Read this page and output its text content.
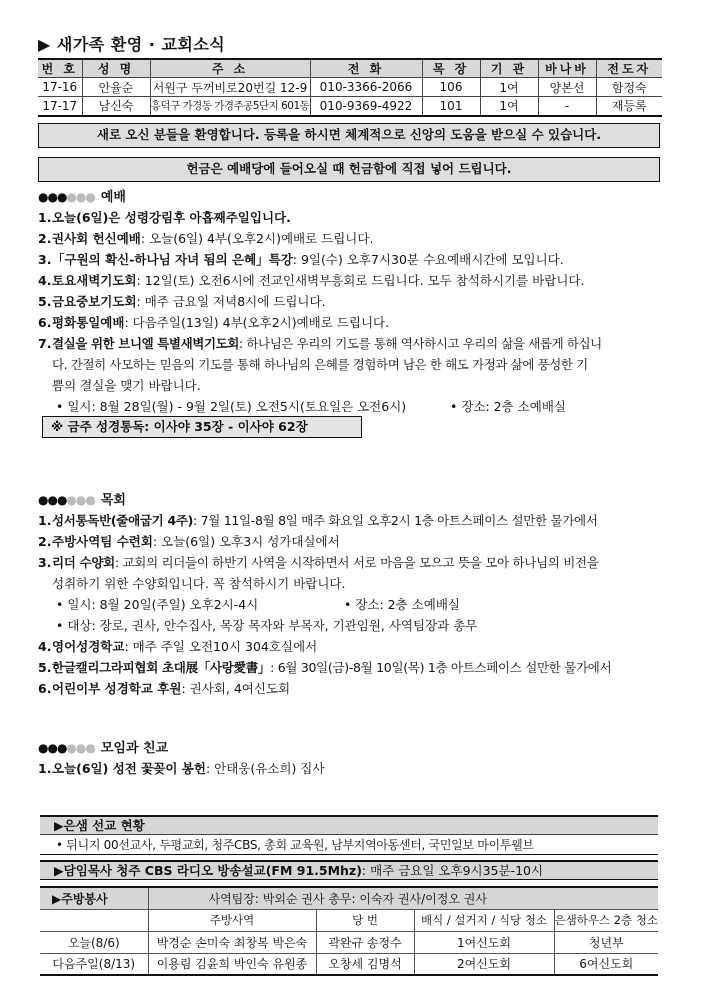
▶ 새가족 환영 · 교회소식
번 호	성 명	주 소	전 화	목 장	기 관	바나바	전도자
17-16	안율순	서원구 두꺼비로20번길 12-9	010-3366-2066	106	1여	양본선	함정숙
17-17	남신숙	흥덕구 가경동 가경주공5단지 601동	010-9369-4922	101	1여	-	재등록
새로 오신 분들을 환영합니다. 등록을 하시면 체계적으로 신앙의 도움을 받으실 수 있습니다.
헌금은 예배당에 들어오실 때 헌금함에 직접 넣어 드립니다.
●●●●●● 예배
1. 오늘(6일)은 성령강림후 아홉째주일입니다.
2. 권사회 헌신예배: 오늘(6일) 4부(오후2시)예배로 드립니다.
3. 「구원의 확신-하나님 자녀 됨의 은혜」특강: 9일(수) 오후7시30분 수요예배시간에 모입니다.
4. 토요새벽기도회: 12일(토) 오전6시에 전교인새벽부흥회로 드립니다. 모두 참석하시기를 바랍니다.
5. 금요중보기도회: 매주 금요일 저녁8시에 드립니다.
6. 평화통일예배: 다음주일(13일) 4부(오후2시)예배로 드립니다.
7. 결실을 위한 브니엘 특별새벽기도회: 하나님은 우리의 기도를 통해 역사하시고 우리의 삶을 새롭게 하십니
다. 간절히 사모하는 믿음의 기도를 통해 하나님의 은혜를 경험하며 남은 한 해도 가정과 삶에 풍성한 기
쁨의 결실을 맺기 바랍니다.
• 일시: 8월 28일(월) - 9월 2일(토) 오전5시(토요일은 오전6시)	• 장소: 2층 소예배실
※ 금주 성경통독: 이사야 35장 - 이사야 62장
●●●●●● 목회
1. 성서통독반(줄애굽기 4주): 7월 11일-8월 8일 매주 화요일 오후2시 1층 아트스페이스 설만한 물가에서
2. 주방사역팀 수련회: 오늘(6일) 오후3시 성가대실에서
3. 리더 수양회: 교회의 리더들이 하반기 사역을 시작하면서 서로 마음을 모으고 뜻을 모아 하나님의 비전을
성취하기 위한 수양회입니다. 꼭 참석하시기 바랍니다.
• 일시: 8월 20일(주일) 오후2시-4시	• 장소: 2층 소예배실
• 대상: 장로, 권사, 안수집사, 목장 목자와 부목자, 기관임원, 사역팀장과 총무
4. 영어성경학교: 매주 주일 오전10시 304호실에서
5. 한글캘리그라피협회 초대展「사랑愛書」: 6월 30일(금)-8월 10일(목) 1층 아트스페이스 설만한 물가에서
6. 어린이부 성경학교 후원: 권사회, 4여신도회
●●●●●● 모임과 친교
1. 오늘(6일) 성전 꽃꽂이 봉헌: 안태웅(유소희) 집사
▶은샘 선교 현황
• 뒤니지 00선교사, 두평교회, 청주CBS, 총회 교육원, 남부지역아동센터, 국민일보 마이투웰브
▶담임목사 청주 CBS 라디오 방송설교(FM 91.5Mhz): 매주 금요일 오후9시35분-10시
▶주방봉사	사역팀장: 박외순 권사 총무: 이숙자 권사/이정오 권사			
	주방사역	당 번	배식 / 설거지 / 식당 청소	은샘하우스 2층 청소
오늘(8/6)	박경순 손미숙 최창복 박은숙	곽완규 송정수	1여신도회	청년부
다음주일(8/13)	이용림 김윤희 박인숙 유원종	오창세 김명석	2여신도회	6여신도회
